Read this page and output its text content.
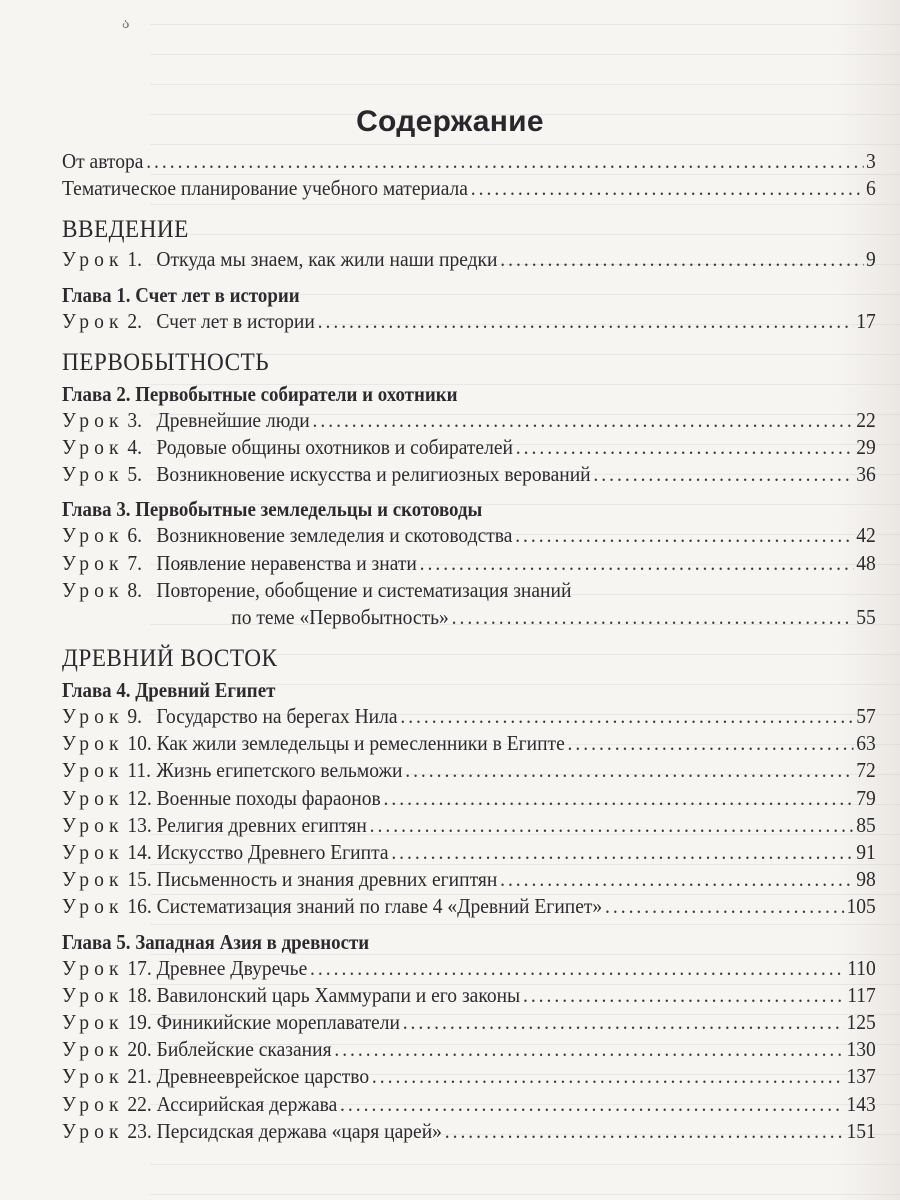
ა
Содержание
От автора .....	3
Тематическое планирование учебного материала .....	6
ВВЕДЕНИЕ
Урок 1. Откуда мы знаем, как жили наши предки .....	9
Глава 1. Счет лет в истории
Урок 2. Счет лет в истории .....	17
ПЕРВОБЫТНОСТЬ
Глава 2. Первобытные собиратели и охотники
Урок 3. Древнейшие люди .....	22
Урок 4. Родовые общины охотников и собирателей .....	29
Урок 5. Возникновение искусства и религиозных верований .....	36
Глава 3. Первобытные земледельцы и скотоводы
Урок 6. Возникновение земледелия и скотоводства .....	42
Урок 7. Появление неравенства и знати .....	48
Урок 8. Повторение, обобщение и систематизация знаний
по теме «Первобытность» .....	55
ДРЕВНИЙ ВОСТОК
Глава 4. Древний Египет
Урок 9. Государство на берегах Нила .....	57
Урок 10. Как жили земледельцы и ремесленники в Египте .....	63
Урок 11. Жизнь египетского вельможи .....	72
Урок 12. Военные походы фараонов .....	79
Урок 13. Религия древних египтян .....	85
Урок 14. Искусство Древнего Египта .....	91
Урок 15. Письменность и знания древних египтян .....	98
Урок 16. Систематизация знаний по главе 4 «Древний Египет» .....	105
Глава 5. Западная Азия в древности
Урок 17. Древнее Двуречье .....	110
Урок 18. Вавилонский царь Хаммурапи и его законы .....	117
Урок 19. Финикийские мореплаватели .....	125
Урок 20. Библейские сказания .....	130
Урок 21. Древнееврейское царство .....	137
Урок 22. Ассирийская держава .....	143
Урок 23. Персидская держава «царя царей» .....	151
